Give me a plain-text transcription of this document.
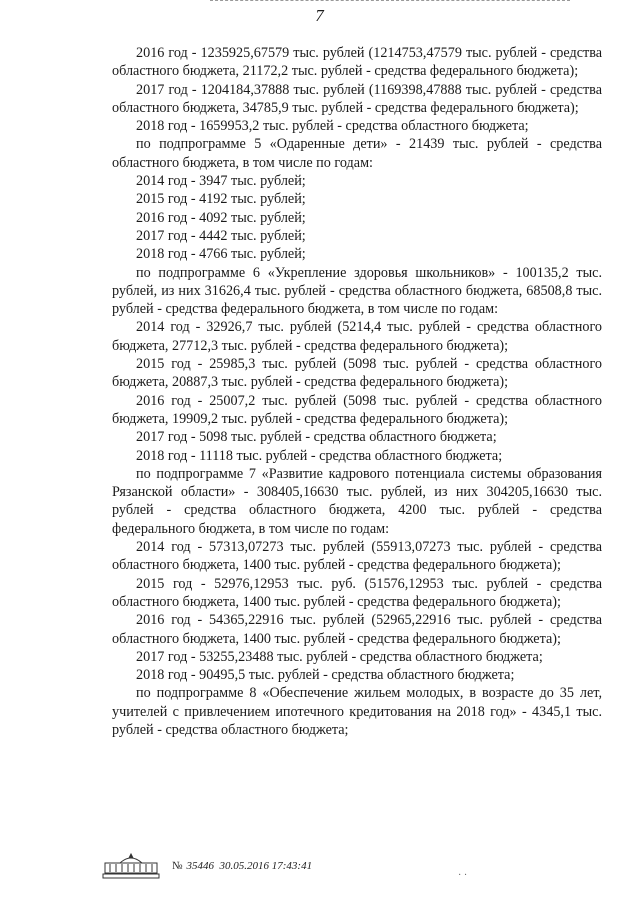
7

2016 год - 1235925,67579 тыс. рублей (1214753,47579 тыс. рублей - средства областного бюджета, 21172,2 тыс. рублей - средства федерального бюджета);

2017 год - 1204184,37888 тыс. рублей (1169398,47888 тыс. рублей - средства областного бюджета, 34785,9 тыс. рублей - средства федерального бюджета);

2018 год - 1659953,2 тыс. рублей - средства областного бюджета;

по подпрограмме 5 «Одаренные дети» - 21439 тыс. рублей - средства областного бюджета, в том числе по годам:

2014 год - 3947 тыс. рублей;

2015 год - 4192 тыс. рублей;

2016 год - 4092 тыс. рублей;

2017 год - 4442 тыс. рублей;

2018 год - 4766 тыс. рублей;

по подпрограмме 6 «Укрепление здоровья школьников» - 100135,2 тыс. рублей, из них 31626,4 тыс. рублей - средства областного бюджета, 68508,8 тыс. рублей - средства федерального бюджета, в том числе по годам:

2014 год - 32926,7 тыс. рублей (5214,4 тыс. рублей - средства областного бюджета, 27712,3 тыс. рублей - средства федерального бюджета);

2015 год - 25985,3 тыс. рублей (5098 тыс. рублей - средства областного бюджета, 20887,3 тыс. рублей - средства федерального бюджета);

2016 год - 25007,2 тыс. рублей (5098 тыс. рублей - средства областного бюджета, 19909,2 тыс. рублей - средства федерального бюджета);

2017 год - 5098 тыс. рублей - средства областного бюджета;

2018 год - 11118 тыс. рублей - средства областного бюджета;

по подпрограмме 7 «Развитие кадрового потенциала системы образования Рязанской области» - 308405,16630 тыс. рублей, из них 304205,16630 тыс. рублей - средства областного бюджета, 4200 тыс. рублей - средства федерального бюджета, в том числе по годам:

2014 год - 57313,07273 тыс. рублей (55913,07273 тыс. рублей - средства областного бюджета, 1400 тыс. рублей - средства федерального бюджета);

2015 год - 52976,12953 тыс. руб. (51576,12953 тыс. рублей - средства областного бюджета, 1400 тыс. рублей - средства федерального бюджета);

2016 год - 54365,22916 тыс. рублей (52965,22916 тыс. рублей - средства областного бюджета, 1400 тыс. рублей - средства федерального бюджета);

2017 год - 53255,23488 тыс. рублей - средства областного бюджета;

2018 год - 90495,5 тыс. рублей - средства областного бюджета;

по подпрограмме 8 «Обеспечение жильем молодых, в возрасте до 35 лет, учителей с привлечением ипотечного кредитования на 2018 год» - 4345,1 тыс. рублей - средства областного бюджета;

№ 35446 30.05.2016 17:43:41
· ·
